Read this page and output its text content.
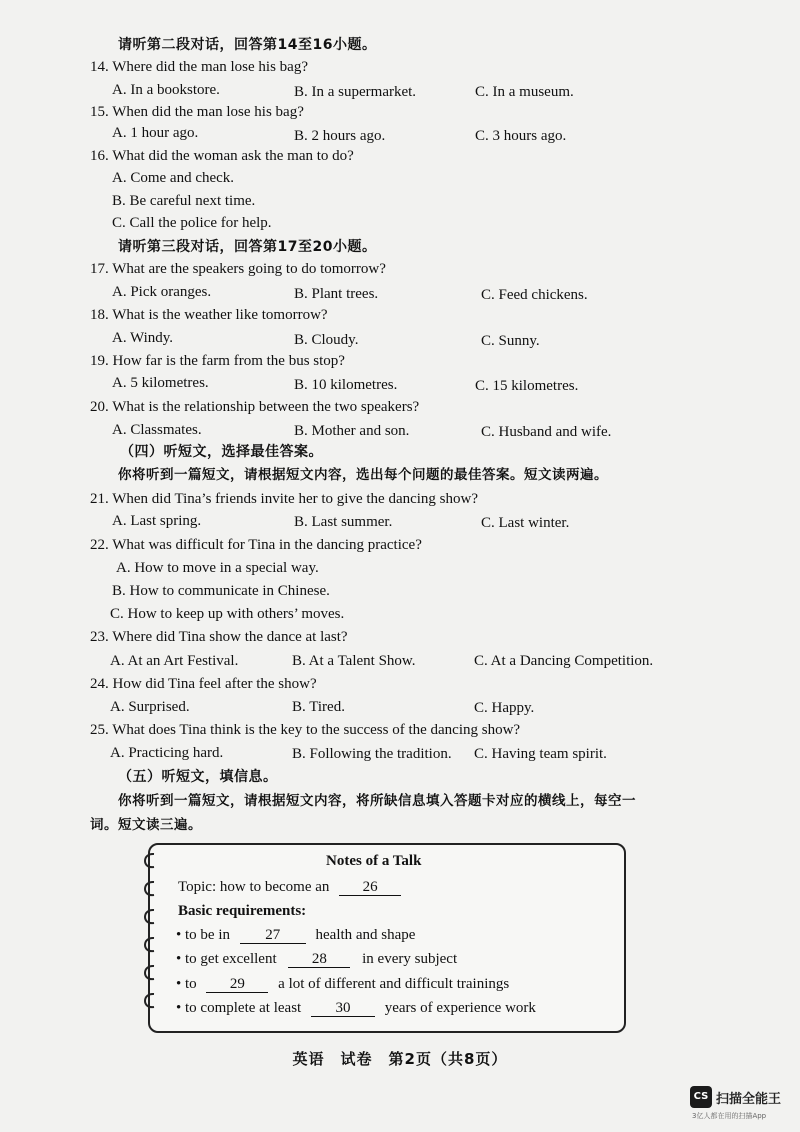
请听第二段对话，回答第14至16小题。
14. Where did the man lose his bag?
A. In a bookstore.	B. In a supermarket.	C. In a museum.
15. When did the man lose his bag?
A. 1 hour ago.	B. 2 hours ago.	C. 3 hours ago.
16. What did the woman ask the man to do?
A. Come and check.
B. Be careful next time.
C. Call the police for help.
请听第三段对话，回答第17至20小题。
17. What are the speakers going to do tomorrow?
A. Pick oranges.	B. Plant trees.	C. Feed chickens.
18. What is the weather like tomorrow?
A. Windy.	B. Cloudy.	C. Sunny.
19. How far is the farm from the bus stop?
A. 5 kilometres.	B. 10 kilometres.	C. 15 kilometres.
20. What is the relationship between the two speakers?
A. Classmates.	B. Mother and son.	C. Husband and wife.
（四）听短文，选择最佳答案。
你将听到一篇短文，请根据短文内容，选出每个问题的最佳答案。短文读两遍。
21. When did Tina’s friends invite her to give the dancing show?
A. Last spring.	B. Last summer.	C. Last winter.
22. What was difficult for Tina in the dancing practice?
A. How to move in a special way.
B. How to communicate in Chinese.
C. How to keep up with others’ moves.
23. Where did Tina show the dance at last?
A. At an Art Festival.	B. At a Talent Show.	C. At a Dancing Competition.
24. How did Tina feel after the show?
A. Surprised.	B. Tired.	C. Happy.
25. What does Tina think is the key to the success of the dancing show?
A. Practicing hard.	B. Following the tradition. C. Having team spirit.
（五）听短文，填信息。
你将听到一篇短文，请根据短文内容，将所缺信息填入答题卡对应的横线上，每空一
词。短文读三遍。
Notes of a Talk
Topic: how to become an 26
Basic requirements:
• to be in 27 health and shape
• to get excellent 28 in every subject
• to 29 a lot of different and difficult trainings
• to complete at least 30 years of experience work
英语　试卷　第2页（共8页）
CS 扫描全能王
3亿人都在用的扫描App
